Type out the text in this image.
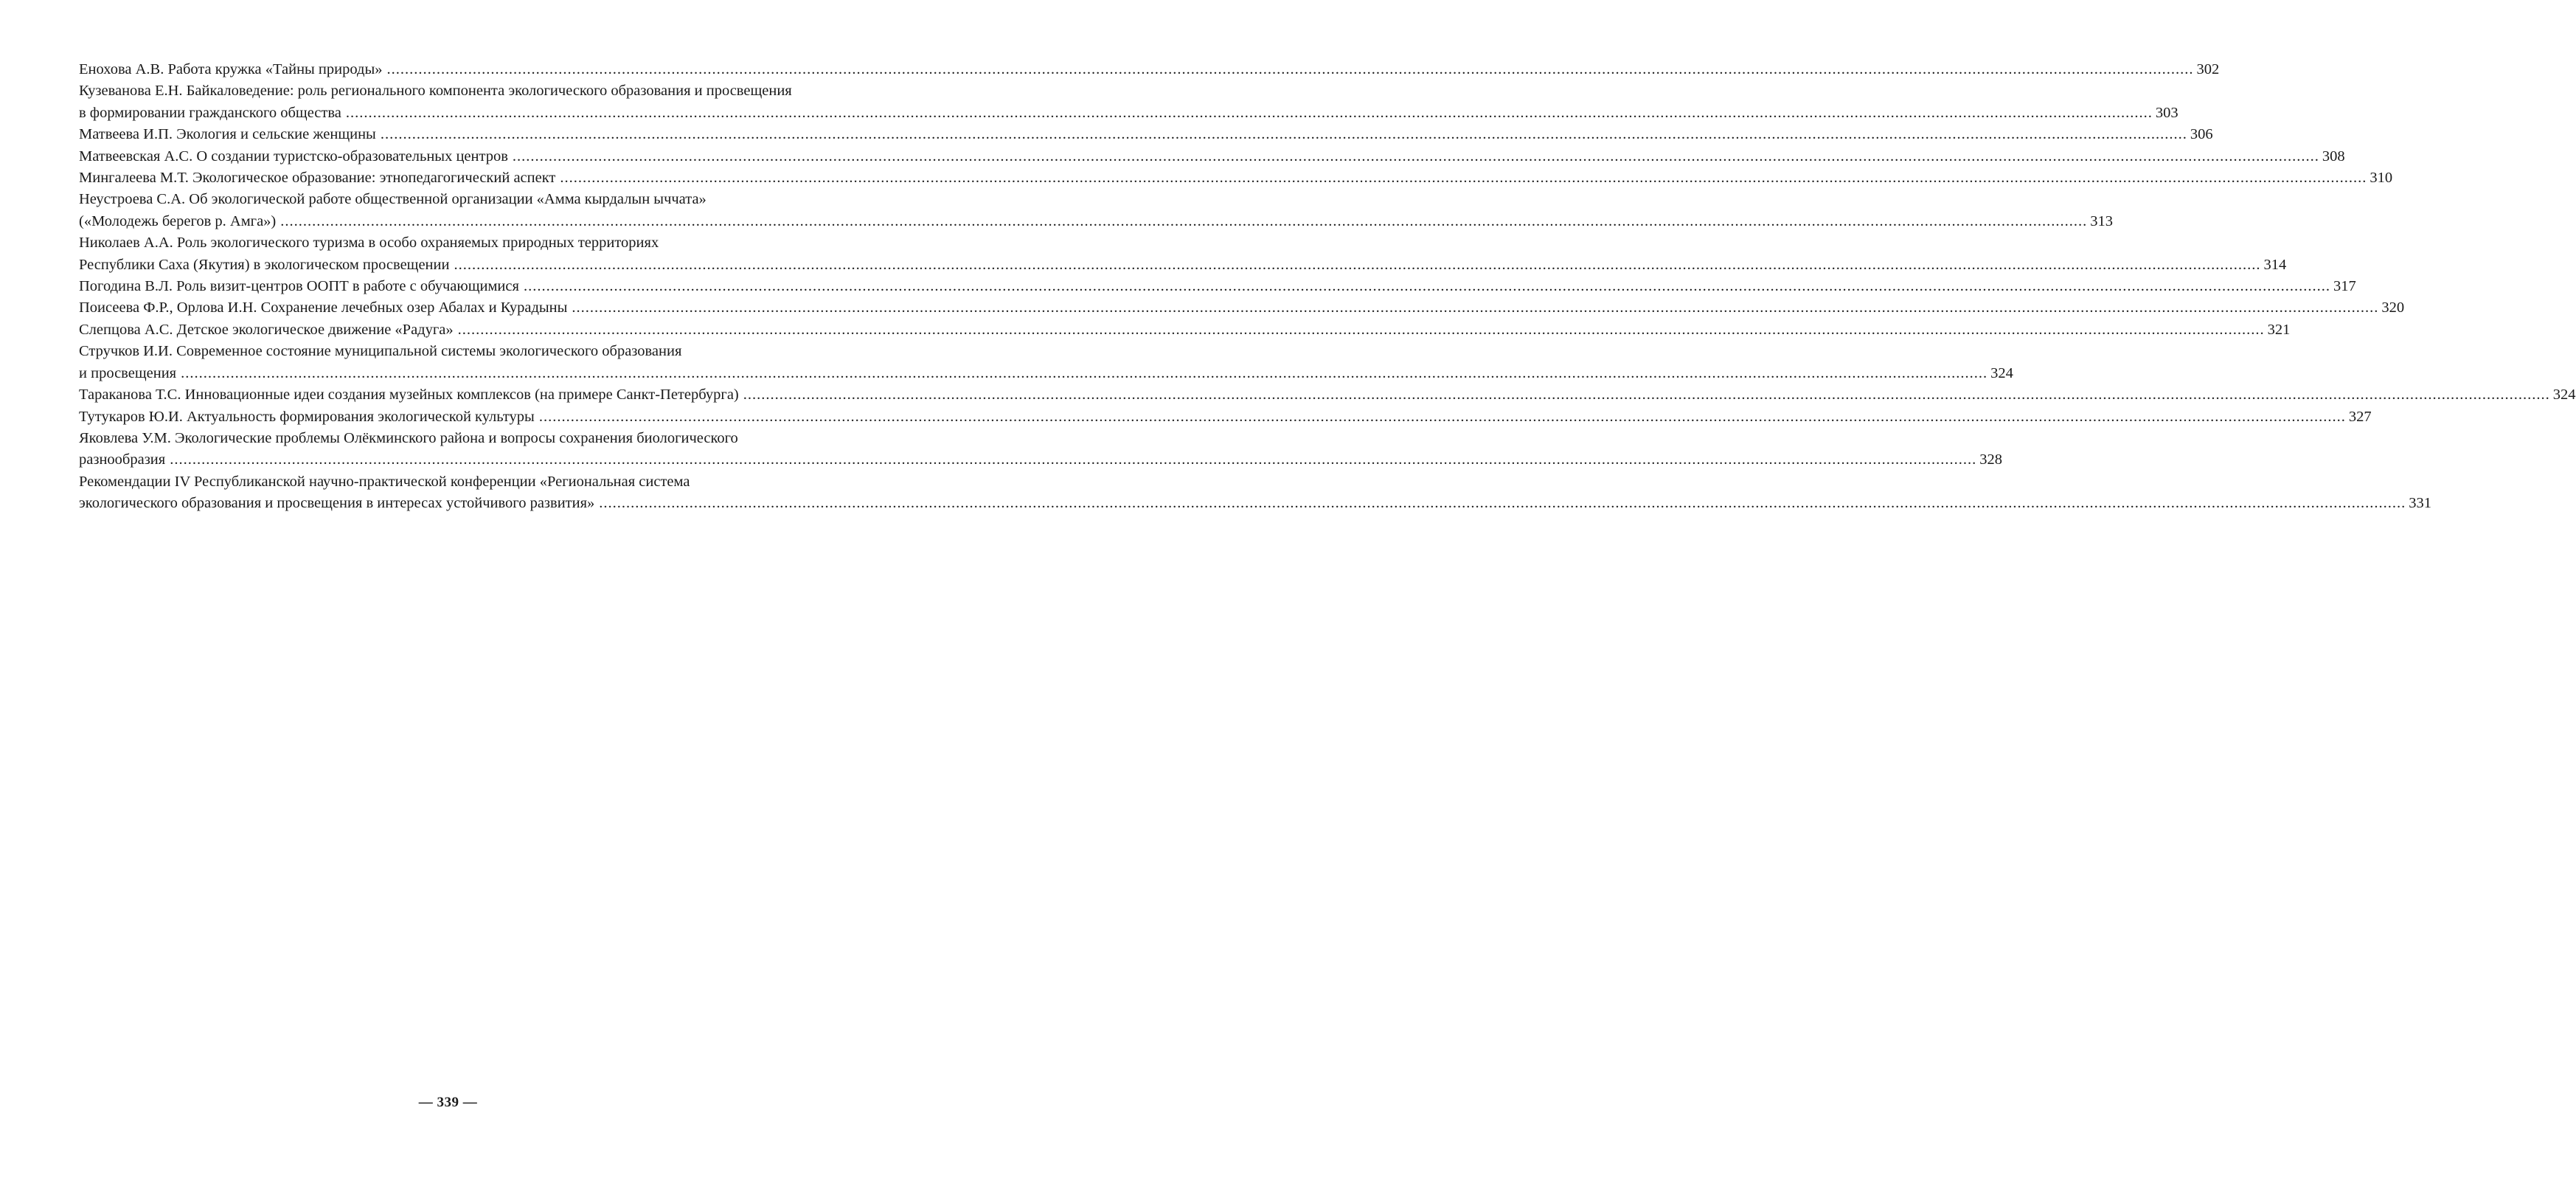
Енохова А.В. Работа кружка «Тайны природы» ................................................................................................................................................................................................................................................................................................................................................................................................................ 302
Кузеванова Е.Н. Байкаловедение: роль регионального компонента экологического образования и просвещения
в формировании гражданского общества ................................................................................................................................................................................................................................................................................................................................................................................................................ 303
Матвеева И.П. Экология и сельские женщины ................................................................................................................................................................................................................................................................................................................................................................................................................ 306
Матвеевская А.С. О создании туристско-образовательных центров ................................................................................................................................................................................................................................................................................................................................................................................................................ 308
Мингалеева М.Т. Экологическое образование: этнопедагогический аспект ................................................................................................................................................................................................................................................................................................................................................................................................................ 310
Неустроева С.А. Об экологической работе общественной организации «Амма кырдалын ыччата»
(«Молодежь берегов р. Амга») ................................................................................................................................................................................................................................................................................................................................................................................................................ 313
Николаев А.А. Роль экологического туризма в особо охраняемых природных территориях
Республики Саха (Якутия) в экологическом просвещении ................................................................................................................................................................................................................................................................................................................................................................................................................ 314
Погодина В.Л. Роль визит-центров ООПТ в работе с обучающимися ................................................................................................................................................................................................................................................................................................................................................................................................................ 317
Поисеева Ф.Р., Орлова И.Н. Сохранение лечебных озер Абалах и Курадыны ................................................................................................................................................................................................................................................................................................................................................................................................................ 320
Слепцова А.С. Детское экологическое движение «Радуга» ................................................................................................................................................................................................................................................................................................................................................................................................................ 321
Стручков И.И. Современное состояние муниципальной системы экологического образования
и просвещения ................................................................................................................................................................................................................................................................................................................................................................................................................ 324
Тараканова Т.С. Инновационные идеи создания музейных комплексов (на примере Санкт-Петербурга) ................................................................................................................................................................................................................................................................................................................................................................................................................ 324
Тутукаров Ю.И. Актуальность формирования экологической культуры ................................................................................................................................................................................................................................................................................................................................................................................................................ 327
Яковлева У.М. Экологические проблемы Олёкминского района и вопросы сохранения биологического
разнообразия ................................................................................................................................................................................................................................................................................................................................................................................................................ 328
Рекомендации IV Республиканской научно-практической конференции «Региональная система
экологического образования и просвещения в интересах устойчивого развития» ................................................................................................................................................................................................................................................................................................................................................................................................................ 331
— 339 —
